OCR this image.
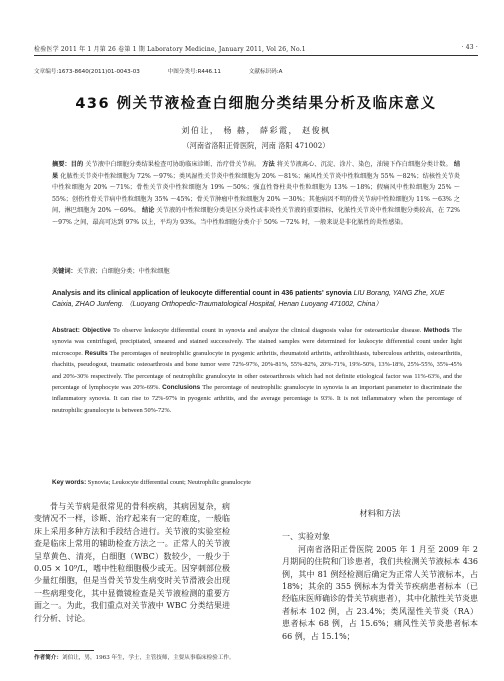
检验医学 2011 年 1 月第 26 卷第 1 期 Laboratory Medicine, January 2011, Vol 26, No.1	· 43 ·
文章编号:1673-8640(2011)01-0043-03	中图分类号:R446.11	文献标识码:A
436 例关节液检查白细胞分类结果分析及临床意义
刘伯让， 杨 赫， 薛彩霞， 赵俊枫
（河南省洛阳正骨医院，河南 洛阳 471002）
摘要：目的 关节液中白细胞分类结果检查可协助临床诊断、治疗骨关节病。 方法 将关节液离心、沉淀、涂片、染色，油镜下作白细胞分类计数。 结果 化脓性关节炎中性粒细胞为 72% ～97%；类风湿性关节炎中性粒细胞为 20% ～81%；痛风性关节炎中性粒细胞为 55% ～82%；结核性关节炎中性粒细胞为 20% ～71%；骨性关节炎中性粒细胞为 19% ～50%；强直性脊柱炎中性粒细胞为 13% ～18%；假痛风中性粒细胞为 25% ～55%；创伤性骨关节病中性粒细胞为 35% ～45%；骨关节肿瘤中性粒细胞为 20% ～30%；其他病因不明的骨关节病中性粒细胞为 11% ～63% 之间，淋巴细胞为 20% ～69%。 结论 关节液的中性粒细胞分类是区分炎性或非炎性关节液的重要指标，化脓性关节炎中性粒细胞分类较高，在 72% ～97% 之间，最高可达到 97% 以上，平均为 93%。当中性粒细胞分类介于 50% ～72% 时，一般来说是非化脓性的炎性感染。
关键词：关节液；白细胞分类；中性粒细胞
Analysis and its clinical application of leukocyte differential count in 436 patients' synovia LIU Borang, YANG Zhe, XUE Caixia, ZHAO Junfeng. （Luoyang Orthopedic-Traumatological Hospital, Henan Luoyang 471002, China）
Abstract: Objective To observe leukocyte differential count in synovia and analyze the clinical diagnosis value for osteoarticular disease. Methods The synovia was centrifuged, precipitated, smeared and stained successively. The stained samples were determined for leukocyte differential count under light microscope. Results The percentages of neutrophilic granulocyte in pyogenic arthritis, rheumatoid arthritis, arthrolithiasis, tuberculous arthritis, osteoarthritis, rhachitis, pseudogout, traumatic osteoarthrosis and bone tumor were 72%-97%, 20%-81%, 55%-82%, 20%-71%, 19%-50%, 13%-18%, 25%-55%, 35%-45% and 20%-30% respectively. The percentage of neutrophilic granulocyte in other osteoarthrosis which had not definite etiological factor was 11%-63%, and the percentage of lymphocyte was 20%-69%. Conclusions The percentage of neutrophilic granulocyte in synovia is an important parameter to discriminate the inflammatory synovia. It can rise to 72%-97% in pyogenic arthritis, and the average percentage is 93%. It is not inflammatory when the percentage of neutrophilic granulocyte is between 50%-72%.
Key words: Synovia; Leukocyte differential count; Neutrophilic granulocyte

骨与关节病是很常见的骨科疾病，其病因复杂，病变情况不一样，诊断、治疗起来有一定的难度，一般临床上采用多种方法和手段结合进行。关节液的实验室检查是临床上常用的辅助检查方法之一。正常人的关节液呈草黄色、清亮，白细胞（WBC）数较少，一般少于 0.05 × 10⁹/L，嗜中性粒细胞极少或无。因穿刺部位极少量红细胞，但是当骨关节发生病变时关节滑液会出现一些病理变化，其中显微镜检查是关节液检测的重要方面之一。为此，我们重点对关节液中 WBC 分类结果进行分析、讨论。

材料和方法

一、实验对象

河南省洛阳正骨医院 2005 年 1 月至 2009 年 2 月期间的住院和门诊患者，我们共检测关节液标本 436 例，其中 81 例经检测后确定为正常人关节液标本，占 18%；其余的 355 例标本为骨关节疾病患者标本（已经临床医师确诊的骨关节病患者），其中化脓性关节炎患者标本 102 例，占 23.4%；类风湿性关节炎（RA）患者标本 68 例，占 15.6%；痛风性关节炎患者标本 66 例，占 15.1%；

作者简介：刘伯让，男，1963 年生，学士，主管技师，主要从事临床检验工作。
